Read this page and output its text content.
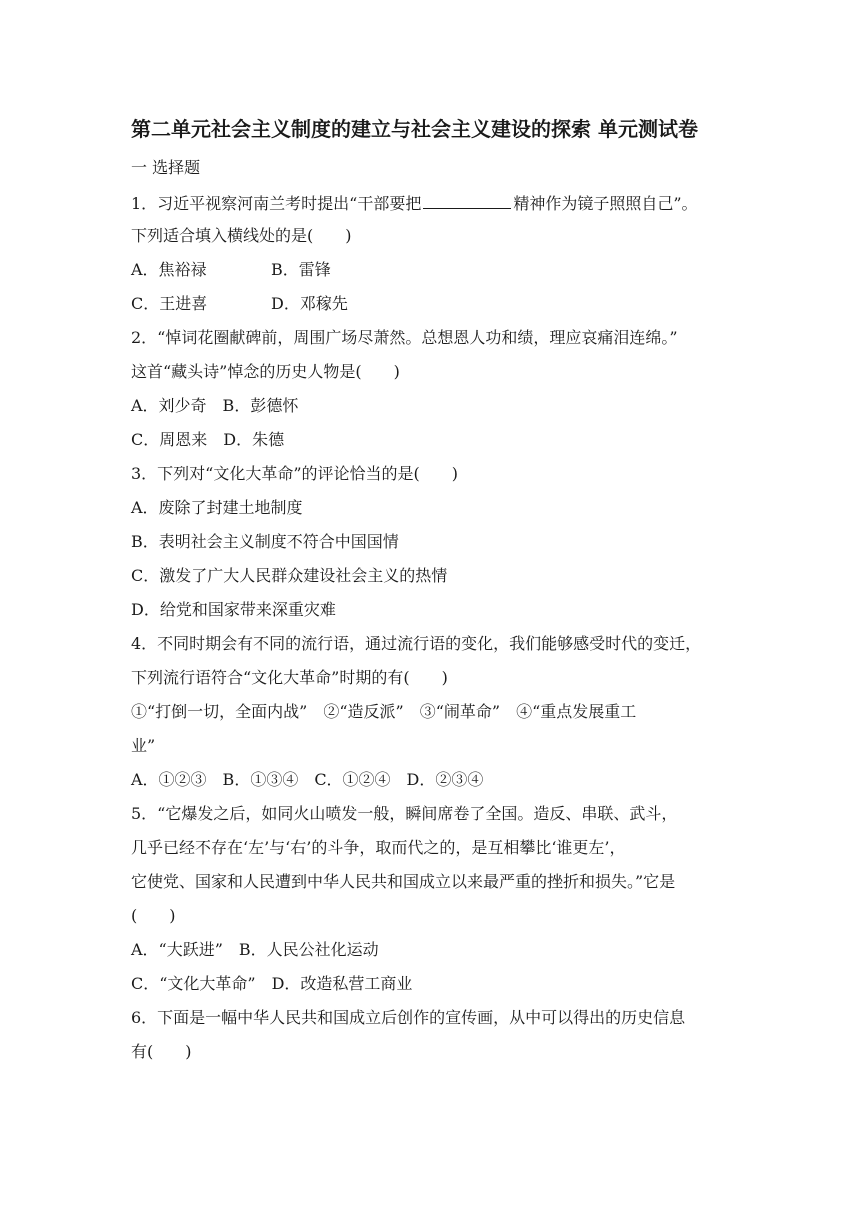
第二单元社会主义制度的建立与社会主义建设的探索 单元测试卷
一 选择题
1．习近平视察河南兰考时提出“干部要把	精神作为镜子照照自己”。
下列适合填入横线处的是(　　)
A．焦裕禄	B．雷锋
C．王进喜	D．邓稼先
2．“悼词花圈献碑前，周围广场尽萧然。总想恩人功和绩，理应哀痛泪连绵。”
这首“藏头诗”悼念的历史人物是(　　)
A．刘少奇　B．彭德怀
C．周恩来　D．朱德
3．下列对“文化大革命”的评论恰当的是(　　)
A．废除了封建土地制度
B．表明社会主义制度不符合中国国情
C．激发了广大人民群众建设社会主义的热情
D．给党和国家带来深重灾难
4．不同时期会有不同的流行语，通过流行语的变化，我们能够感受时代的变迁，
下列流行语符合“文化大革命”时期的有(　　)
①“打倒一切，全面内战”　②“造反派”　③“闹革命”　④“重点发展重工
业”
A．①②③　B．①③④　C．①②④　D．②③④
5．“它爆发之后，如同火山喷发一般，瞬间席卷了全国。造反、串联、武斗，
几乎已经不存在‘左’与‘右’的斗争，取而代之的，是互相攀比‘谁更左’，
它使党、国家和人民遭到中华人民共和国成立以来最严重的挫折和损失。”它是
(　　)
A．“大跃进”　B．人民公社化运动
C．“文化大革命”　D．改造私营工商业
6．下面是一幅中华人民共和国成立后创作的宣传画，从中可以得出的历史信息
有(　　)
